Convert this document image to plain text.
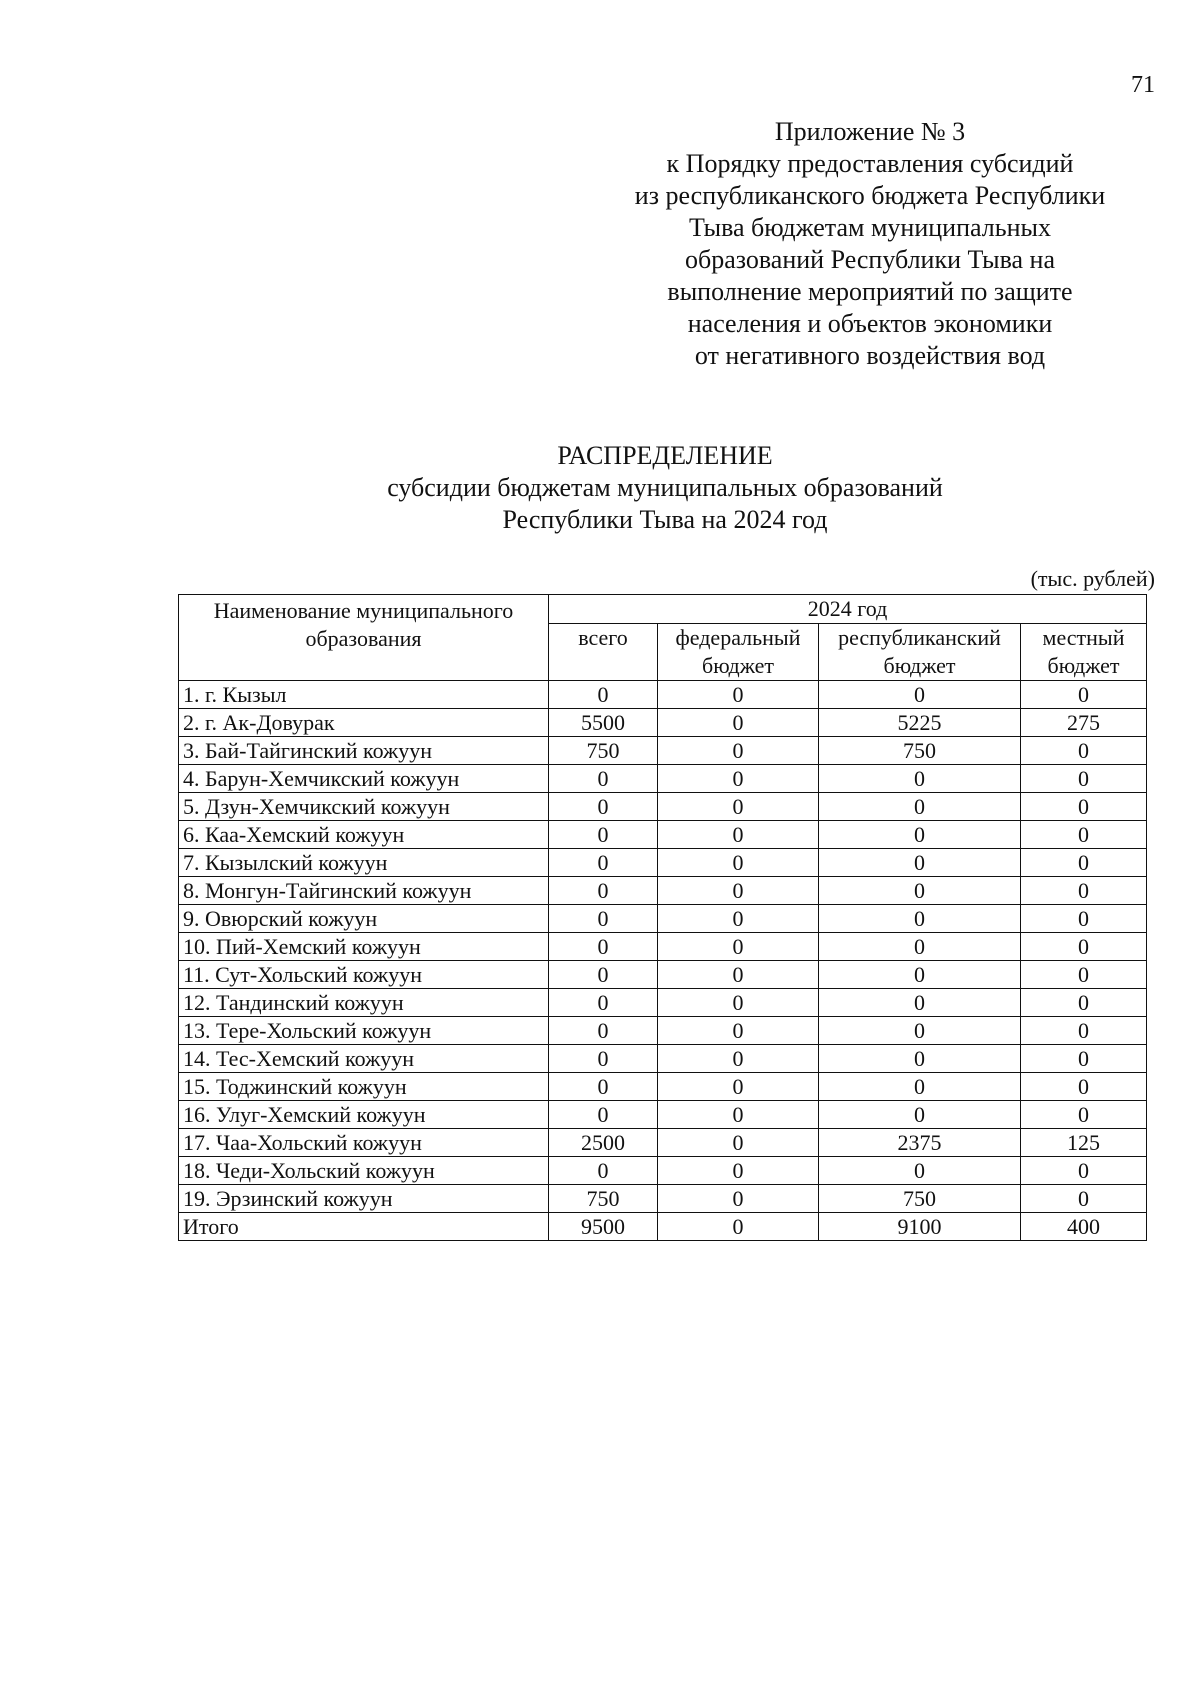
71
Приложение № 3
к Порядку предоставления субсидий
из республиканского бюджета Республики
Тыва бюджетам муниципальных
образований Республики Тыва на
выполнение мероприятий по защите
населения и объектов экономики
от негативного воздействия вод
РАСПРЕДЕЛЕНИЕ
субсидии бюджетам муниципальных образований
Республики Тыва на 2024 год
(тыс. рублей)
Наименование муниципального образования	2024 год			
	всего	федеральный бюджет	республиканский бюджет	местный бюджет
1. г. Кызыл	0	0	0	0
2. г. Ак-Довурак	5500	0	5225	275
3. Бай-Тайгинский кожуун	750	0	750	0
4. Барун-Хемчикский кожуун	0	0	0	0
5. Дзун-Хемчикский кожуун	0	0	0	0
6. Каа-Хемский кожуун	0	0	0	0
7. Кызылский кожуун	0	0	0	0
8. Монгун-Тайгинский кожуун	0	0	0	0
9. Овюрский кожуун	0	0	0	0
10. Пий-Хемский кожуун	0	0	0	0
11. Сут-Хольский кожуун	0	0	0	0
12. Тандинский кожуун	0	0	0	0
13. Тере-Хольский кожуун	0	0	0	0
14. Тес-Хемский кожуун	0	0	0	0
15. Тоджинский кожуун	0	0	0	0
16. Улуг-Хемский кожуун	0	0	0	0
17. Чаа-Хольский кожуун	2500	0	2375	125
18. Чеди-Хольский кожуун	0	0	0	0
19. Эрзинский кожуун	750	0	750	0
Итого	9500	0	9100	400
